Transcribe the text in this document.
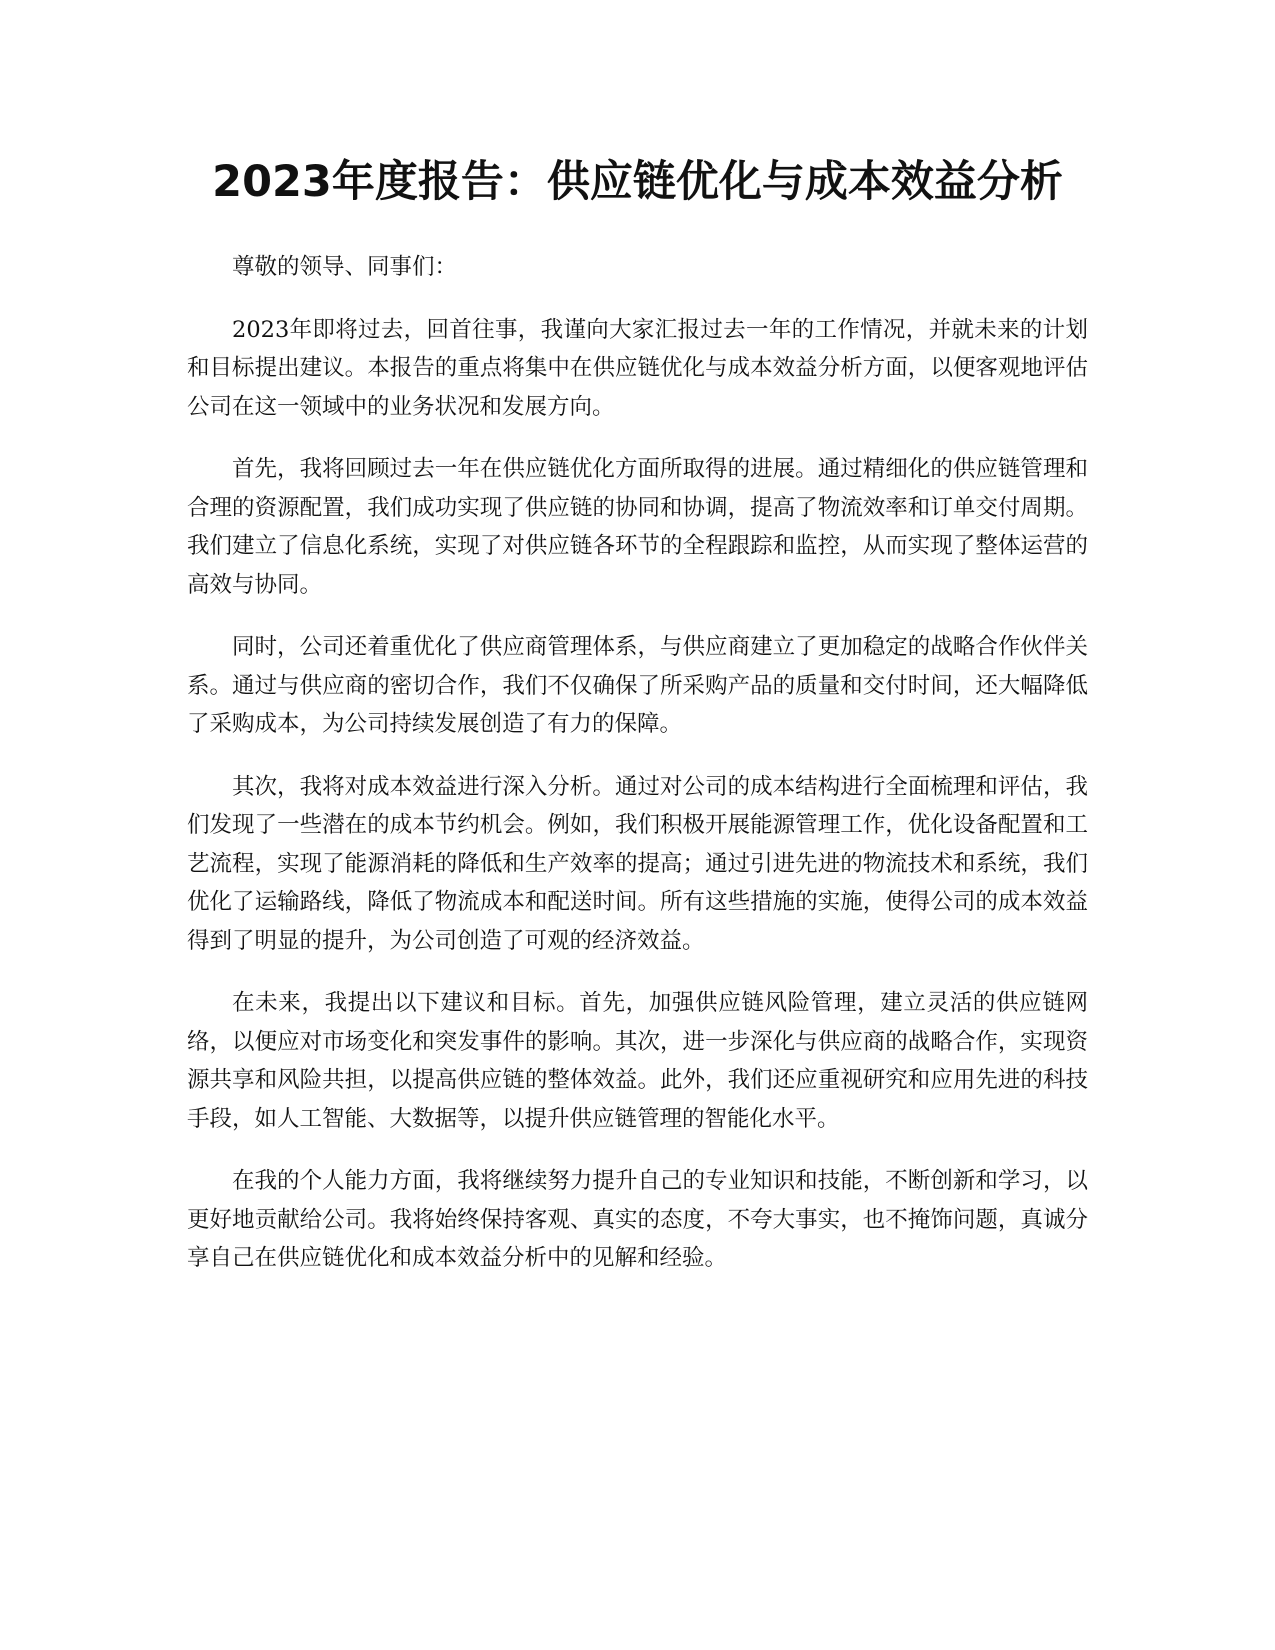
2023年度报告：供应链优化与成本效益分析

尊敬的领导、同事们：

2023年即将过去，回首往事，我谨向大家汇报过去一年的工作情况，并就未来的计划和目标提出建议。本报告的重点将集中在供应链优化与成本效益分析方面，以便客观地评估公司在这一领域中的业务状况和发展方向。

首先，我将回顾过去一年在供应链优化方面所取得的进展。通过精细化的供应链管理和合理的资源配置，我们成功实现了供应链的协同和协调，提高了物流效率和订单交付周期。我们建立了信息化系统，实现了对供应链各环节的全程跟踪和监控，从而实现了整体运营的高效与协同。

同时，公司还着重优化了供应商管理体系，与供应商建立了更加稳定的战略合作伙伴关系。通过与供应商的密切合作，我们不仅确保了所采购产品的质量和交付时间，还大幅降低了采购成本，为公司持续发展创造了有力的保障。

其次，我将对成本效益进行深入分析。通过对公司的成本结构进行全面梳理和评估，我们发现了一些潜在的成本节约机会。例如，我们积极开展能源管理工作，优化设备配置和工艺流程，实现了能源消耗的降低和生产效率的提高；通过引进先进的物流技术和系统，我们优化了运输路线，降低了物流成本和配送时间。所有这些措施的实施，使得公司的成本效益得到了明显的提升，为公司创造了可观的经济效益。

在未来，我提出以下建议和目标。首先，加强供应链风险管理，建立灵活的供应链网络，以便应对市场变化和突发事件的影响。其次，进一步深化与供应商的战略合作，实现资源共享和风险共担，以提高供应链的整体效益。此外，我们还应重视研究和应用先进的科技手段，如人工智能、大数据等，以提升供应链管理的智能化水平。

在我的个人能力方面，我将继续努力提升自己的专业知识和技能，不断创新和学习，以更好地贡献给公司。我将始终保持客观、真实的态度，不夸大事实，也不掩饰问题，真诚分享自己在供应链优化和成本效益分析中的见解和经验。
